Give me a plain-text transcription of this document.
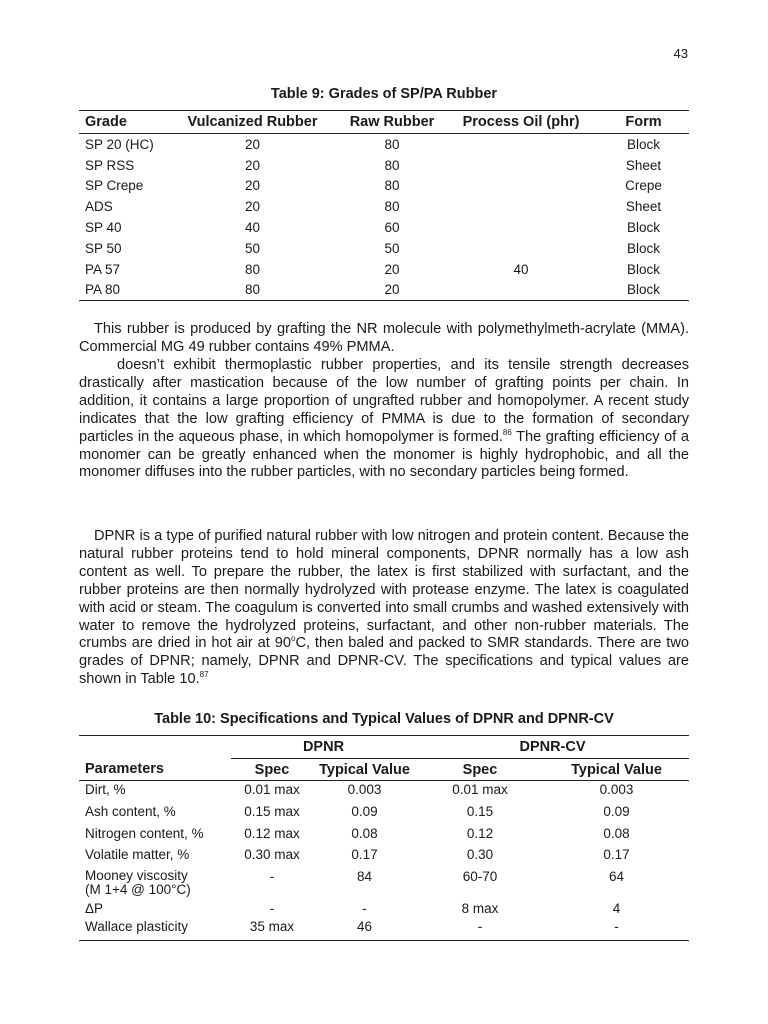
43
Table 9: Grades of SP/PA Rubber
Grade	Vulcanized Rubber	Raw Rubber	Process Oil (phr)	Form
SP 20 (HC)	20	80		Block
SP RSS	20	80		Sheet
SP Crepe	20	80		Crepe
ADS	20	80		Sheet
SP 40	40	60		Block
SP 50	50	50		Block
PA 57	80	20	40	Block
PA 80	80	20		Block

This rubber is produced by grafting the NR molecule with polymethylmeth-acrylate (MMA). Commercial MG 49 rubber contains 49% PMMA.

doesn’t exhibit thermoplastic rubber properties, and its tensile strength decreases drastically after mastication because of the low number of grafting points per chain. In addition, it contains a large proportion of ungrafted rubber and homopolymer. A recent study indicates that the low grafting efficiency of PMMA is due to the formation of secondary particles in the aqueous phase, in which homopolymer is formed.$^{86}$ The grafting efficiency of a monomer can be greatly enhanced when the monomer is highly hydrophobic, and all the monomer diffuses into the rubber particles, with no secondary particles being formed.

DPNR is a type of purified natural rubber with low nitrogen and protein content. Because the natural rubber proteins tend to hold mineral components, DPNR normally has a low ash content as well. To prepare the rubber, the latex is first stabilized with surfactant, and the rubber proteins are then normally hydrolyzed with protease enzyme. The latex is coagulated with acid or steam. The coagulum is converted into small crumbs and washed extensively with water to remove the hydrolyzed proteins, surfactant, and other non-rubber materials. The crumbs are dried in hot air at 90$^o$C, then baled and packed to SMR standards. There are two grades of DPNR; namely, DPNR and DPNR-CV. The specifications and typical values are shown in Table 10.87

Table 10: Specifications and Typical Values of DPNR and DPNR-CV
	DPNR		DPNR-CV	
Parameters	Spec	Typical Value	Spec	Typical Value
Dirt, %	0.01 max	0.003	0.01 max	0.003
Ash content, %	0.15 max	0.09	0.15	0.09
Nitrogen content, %	0.12 max	0.08	0.12	0.08
Volatile matter, %	0.30 max	0.17	0.30	0.17

Mooney viscosity
(M 1+4 @ 100°C)	-	84	60-70	64
ΔP	-	-	8 max	4
Wallace plasticity	35 max	46	-	-
